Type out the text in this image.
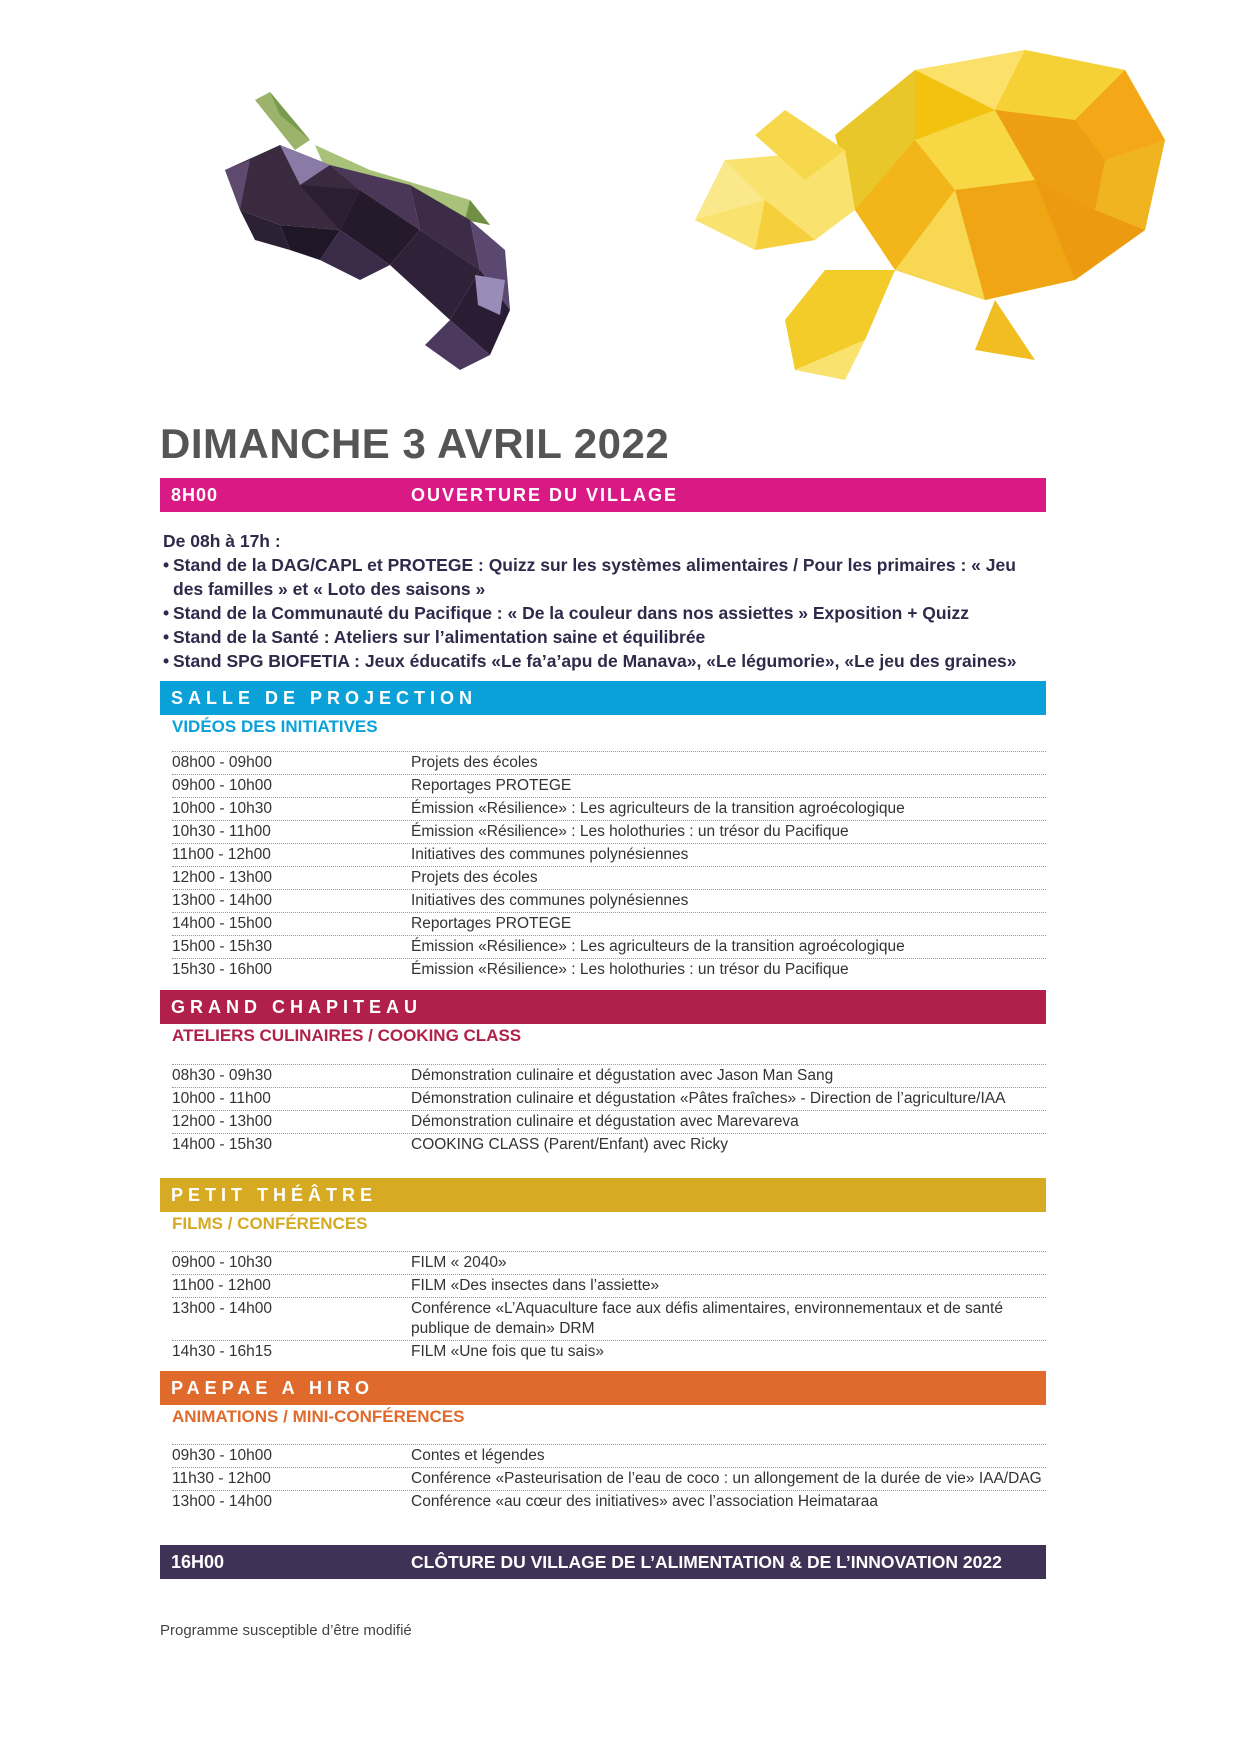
DIMANCHE 3 AVRIL 2022
8H00	OUVERTURE DU VILLAGE

De 08h à 17h :

• Stand de la DAG/CAPL et PROTEGE : Quizz sur les systèmes alimentaires / Pour les primaires : « Jeu des familles » et « Loto des saisons »
• Stand de la Communauté du Pacifique : « De la couleur dans nos assiettes » Exposition + Quizz
• Stand de la Santé : Ateliers sur l’alimentation saine et équilibrée
• Stand SPG BIOFETIA : Jeux éducatifs «Le fa’a’apu de Manava», «Le légumorie», «Le jeu des graines»
SALLE DE PROJECTION
VIDÉOS DES INITIATIVES
08h00 - 09h00	Projets des écoles
09h00 - 10h00	Reportages PROTEGE
10h00 - 10h30	Émission «Résilience» : Les agriculteurs de la transition agroécologique
10h30 - 11h00	Émission «Résilience» : Les holothuries : un trésor du Pacifique
11h00 - 12h00	Initiatives des communes polynésiennes
12h00 - 13h00	Projets des écoles
13h00 - 14h00	Initiatives des communes polynésiennes
14h00 - 15h00	Reportages PROTEGE
15h00 - 15h30	Émission «Résilience» : Les agriculteurs de la transition agroécologique
15h30 - 16h00	Émission «Résilience» : Les holothuries : un trésor du Pacifique
GRAND CHAPITEAU
ATELIERS CULINAIRES / COOKING CLASS
08h30 - 09h30	Démonstration culinaire et dégustation avec Jason Man Sang
10h00 - 11h00	Démonstration culinaire et dégustation «Pâtes fraîches» - Direction de l’agriculture/IAA
12h00 - 13h00	Démonstration culinaire et dégustation avec Marevareva
14h00 - 15h30	COOKING CLASS (Parent/Enfant) avec Ricky
PETIT THÉÂTRE
FILMS / CONFÉRENCES
09h00 - 10h30	FILM « 2040»
11h00 - 12h00	FILM «Des insectes dans l’assiette»
13h00 - 14h00	Conférence «L’Aquaculture face aux défis alimentaires, environnementaux et de santé publique de demain» DRM
14h30 - 16h15	FILM «Une fois que tu sais»
PAEPAE A HIRO
ANIMATIONS / MINI-CONFÉRENCES
09h30 - 10h00	Contes et légendes
11h30 - 12h00	Conférence «Pasteurisation de l’eau de coco : un allongement de la durée de vie» IAA/DAG
13h00 - 14h00	Conférence «au cœur des initiatives» avec l’association Heimataraa
16H00	CLÔTURE DU VILLAGE DE L’ALIMENTATION & DE L’INNOVATION 2022
Programme susceptible d’être modifié
